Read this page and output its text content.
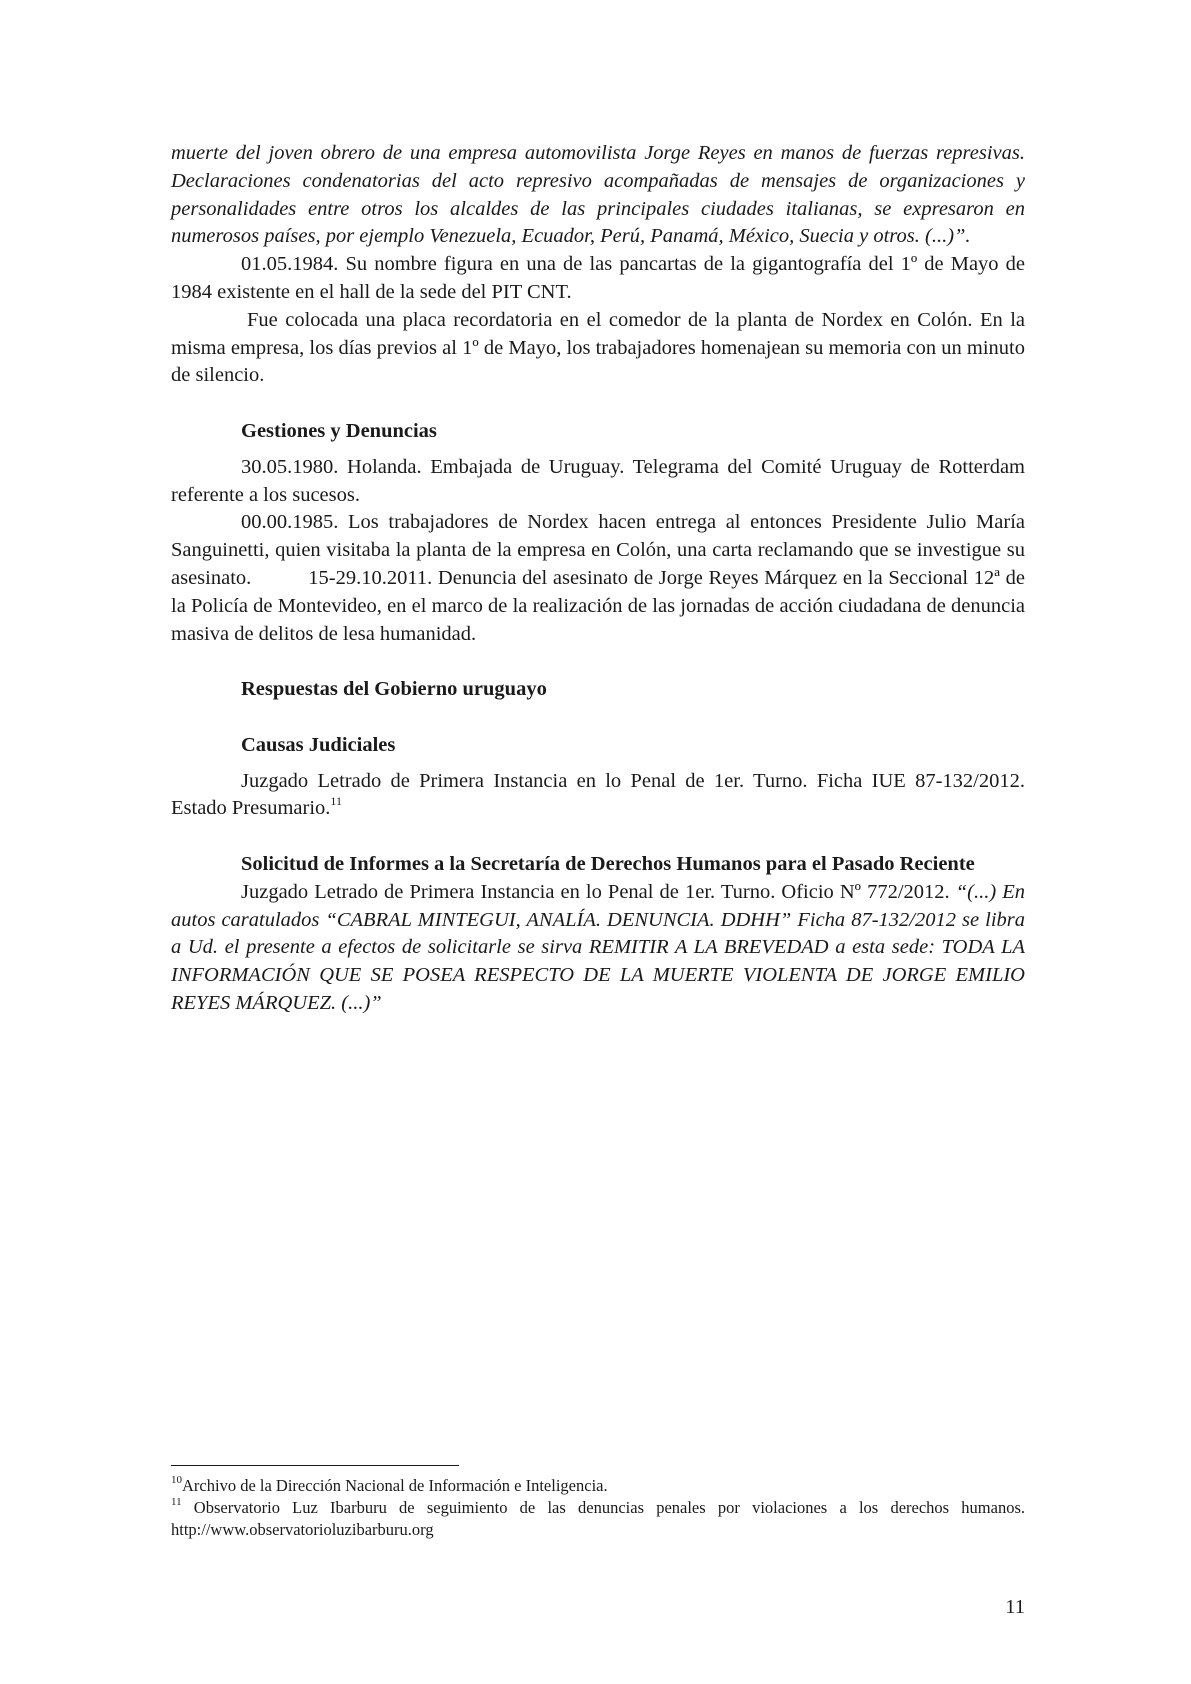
muerte del joven obrero de una empresa automovilista Jorge Reyes en manos de fuerzas represivas. Declaraciones condenatorias del acto represivo acompañadas de mensajes de organizaciones y personalidades entre otros los alcaldes de las principales ciudades italianas, se expresaron en numerosos países, por ejemplo Venezuela, Ecuador, Perú, Panamá, México, Suecia y otros. (...)”.

01.05.1984. Su nombre figura en una de las pancartas de la gigantografía del 1º de Mayo de 1984 existente en el hall de la sede del PIT CNT.

Fue colocada una placa recordatoria en el comedor de la planta de Nordex en Colón. En la misma empresa, los días previos al 1º de Mayo, los trabajadores homenajean su memoria con un minuto de silencio.

Gestiones y Denuncias

30.05.1980. Holanda. Embajada de Uruguay. Telegrama del Comité Uruguay de Rotterdam referente a los sucesos.

00.00.1985. Los trabajadores de Nordex hacen entrega al entonces Presidente Julio María Sanguinetti, quien visitaba la planta de la empresa en Colón, una carta reclamando que se investigue su asesinato.          15-29.10.2011. Denuncia del asesinato de Jorge Reyes Márquez en la Seccional 12ª de la Policía de Montevideo, en el marco de la realización de las jornadas de acción ciudadana de denuncia masiva de delitos de lesa humanidad.

Respuestas del Gobierno uruguayo
Causas Judiciales

Juzgado Letrado de Primera Instancia en lo Penal de 1er. Turno. Ficha IUE 87-132/2012. Estado Presumario.$^{11}$

Solicitud de Informes a la Secretaría de Derechos Humanos para el Pasado Reciente

Juzgado Letrado de Primera Instancia en lo Penal de 1er. Turno. Oficio Nº 772/2012. “(...) En autos caratulados “CABRAL MINTEGUI, ANALÍA. DENUNCIA. DDHH” Ficha 87-132/2012 se libra a Ud. el presente a efectos de solicitarle se sirva REMITIR A LA BREVEDAD a esta sede: TODA LA INFORMACIÓN QUE SE POSEA RESPECTO DE LA MUERTE VIOLENTA DE JORGE EMILIO REYES MÁRQUEZ. (...)”

$^{10}$Archivo de la Dirección Nacional de Información e Inteligencia.

$^{11}$ Observatorio Luz Ibarburu de seguimiento de las denuncias penales por violaciones a los derechos humanos. http://www.observatorioluzibarburu.org

11
